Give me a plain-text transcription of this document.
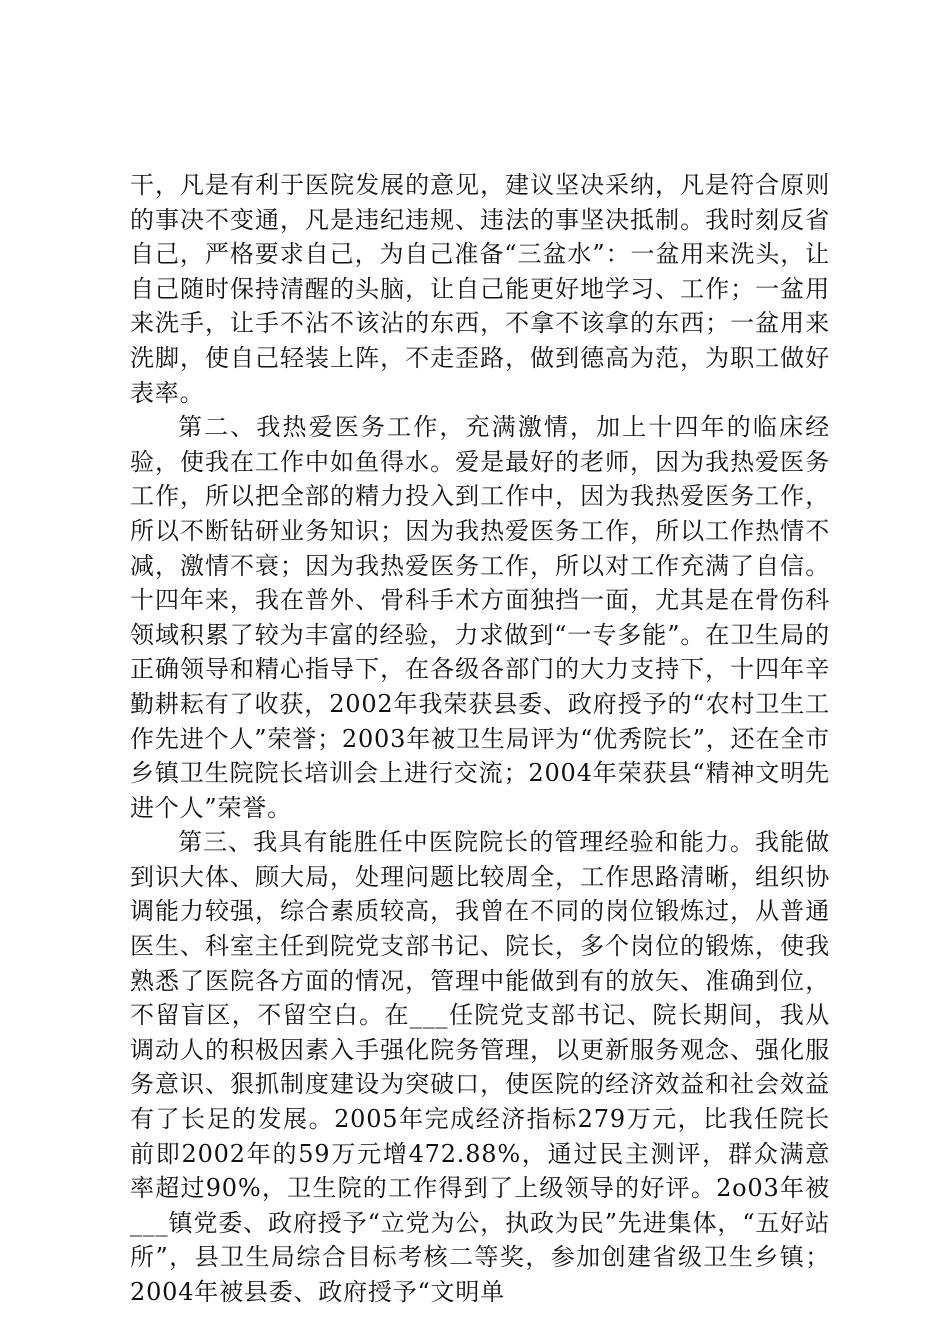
干，凡是有利于医院发展的意见，建议坚决采纳，凡是符合原则的事决不变通，凡是违纪违规、违法的事坚决抵制。我时刻反省自己，严格要求自己，为自己准备“三盆水”：一盆用来洗头，让自己随时保持清醒的头脑，让自己能更好地学习、工作；一盆用来洗手，让手不沾不该沾的东西，不拿不该拿的东西；一盆用来洗脚，使自己轻装上阵，不走歪路，做到德高为范，为职工做好表率。

第二、我热爱医务工作，充满激情，加上十四年的临床经验，使我在工作中如鱼得水。爱是最好的老师，因为我热爱医务工作，所以把全部的精力投入到工作中，因为我热爱医务工作，所以不断钻研业务知识；因为我热爱医务工作，所以工作热情不减，激情不衰；因为我热爱医务工作，所以对工作充满了自信。十四年来，我在普外、骨科手术方面独挡一面，尤其是在骨伤科领域积累了较为丰富的经验，力求做到“一专多能”。在卫生局的正确领导和精心指导下，在各级各部门的大力支持下，十四年辛勤耕耘有了收获，2002年我荣获县委、政府授予的“农村卫生工作先进个人”荣誉；2003年被卫生局评为“优秀院长”，还在全市乡镇卫生院院长培训会上进行交流；2004年荣获县“精神文明先进个人”荣誉。

第三、我具有能胜任中医院院长的管理经验和能力。我能做到识大体、顾大局，处理问题比较周全，工作思路清晰，组织协调能力较强，综合素质较高，我曾在不同的岗位锻炼过，从普通医生、科室主任到院党支部书记、院长，多个岗位的锻炼，使我熟悉了医院各方面的情况，管理中能做到有的放矢、准确到位，不留盲区，不留空白。在___任院党支部书记、院长期间，我从调动人的积极因素入手强化院务管理，以更新服务观念、强化服务意识、狠抓制度建设为突破口，使医院的经济效益和社会效益有了长足的发展。2005年完成经济指标279万元，比我任院长前即2002年的59万元增472.88%，通过民主测评，群众满意率超过90%，卫生院的工作得到了上级领导的好评。2o03年被___镇党委、政府授予“立党为公，执政为民”先进集体，“五好站所”，县卫生局综合目标考核二等奖，参加创建省级卫生乡镇；2004年被县委、政府授予“文明单
